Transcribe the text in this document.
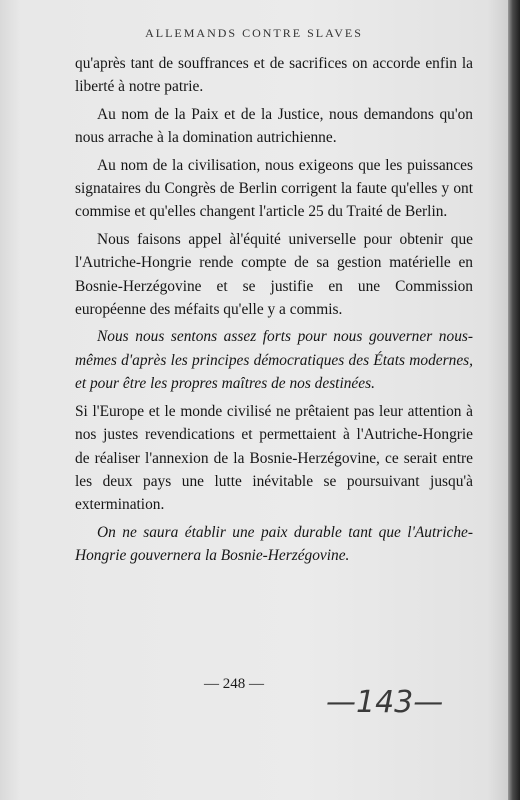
ALLEMANDS CONTRE SLAVES

qu'après tant de souffrances et de sacrifices on accorde enfin la liberté à notre patrie.

Au nom de la Paix et de la Justice, nous demandons qu'on nous arrache à la domination autrichienne.

Au nom de la civilisation, nous exigeons que les puissances signataires du Congrès de Berlin corrigent la faute qu'elles y ont commise et qu'elles changent l'article 25 du Traité de Berlin.

Nous faisons appel àl'équité universelle pour obtenir que l'Autriche-Hongrie rende compte de sa gestion matérielle en Bosnie-Herzégovine et se justifie en une Commission européenne des méfaits qu'elle y a commis.

Nous nous sentons assez forts pour nous gouverner nous-mêmes d'après les principes démocratiques des États modernes, et pour être les propres maîtres de nos destinées.

Si l'Europe et le monde civilisé ne prêtaient pas leur attention à nos justes revendications et permettaient à l'Autriche-Hongrie de réaliser l'annexion de la Bosnie-Herzégovine, ce serait entre les deux pays une lutte inévitable se poursuivant jusqu'à extermination.

On ne saura établir une paix durable tant que l'Autriche-Hongrie gouvernera la Bosnie-Herzégovine.

— 248 —
—143—
